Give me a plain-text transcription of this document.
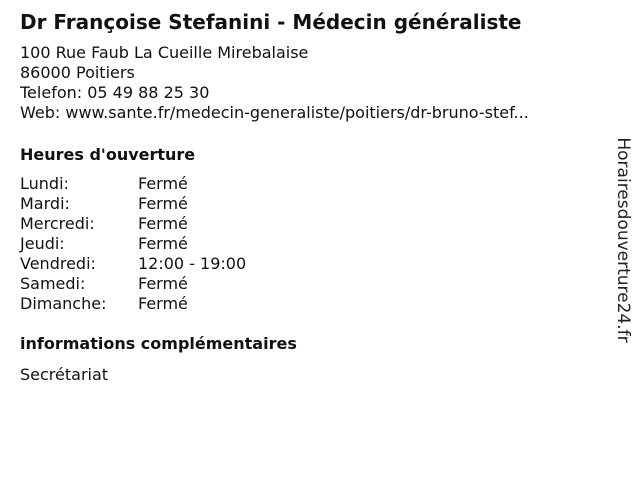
Dr Françoise Stefanini - Médecin généraliste
100 Rue Faub La Cueille Mirebalaise
86000 Poitiers
Telefon: 05 49 88 25 30
Web: www.sante.fr/medecin-generaliste/poitiers/dr-bruno-stef...
Heures d'ouverture
Lundi:	Fermé
Mardi:	Fermé
Mercredi:	Fermé
Jeudi:	Fermé
Vendredi:	12:00 - 19:00
Samedi:	Fermé
Dimanche: Fermé
informations complémentaires
Secrétariat
Horairesdouverture24.fr
